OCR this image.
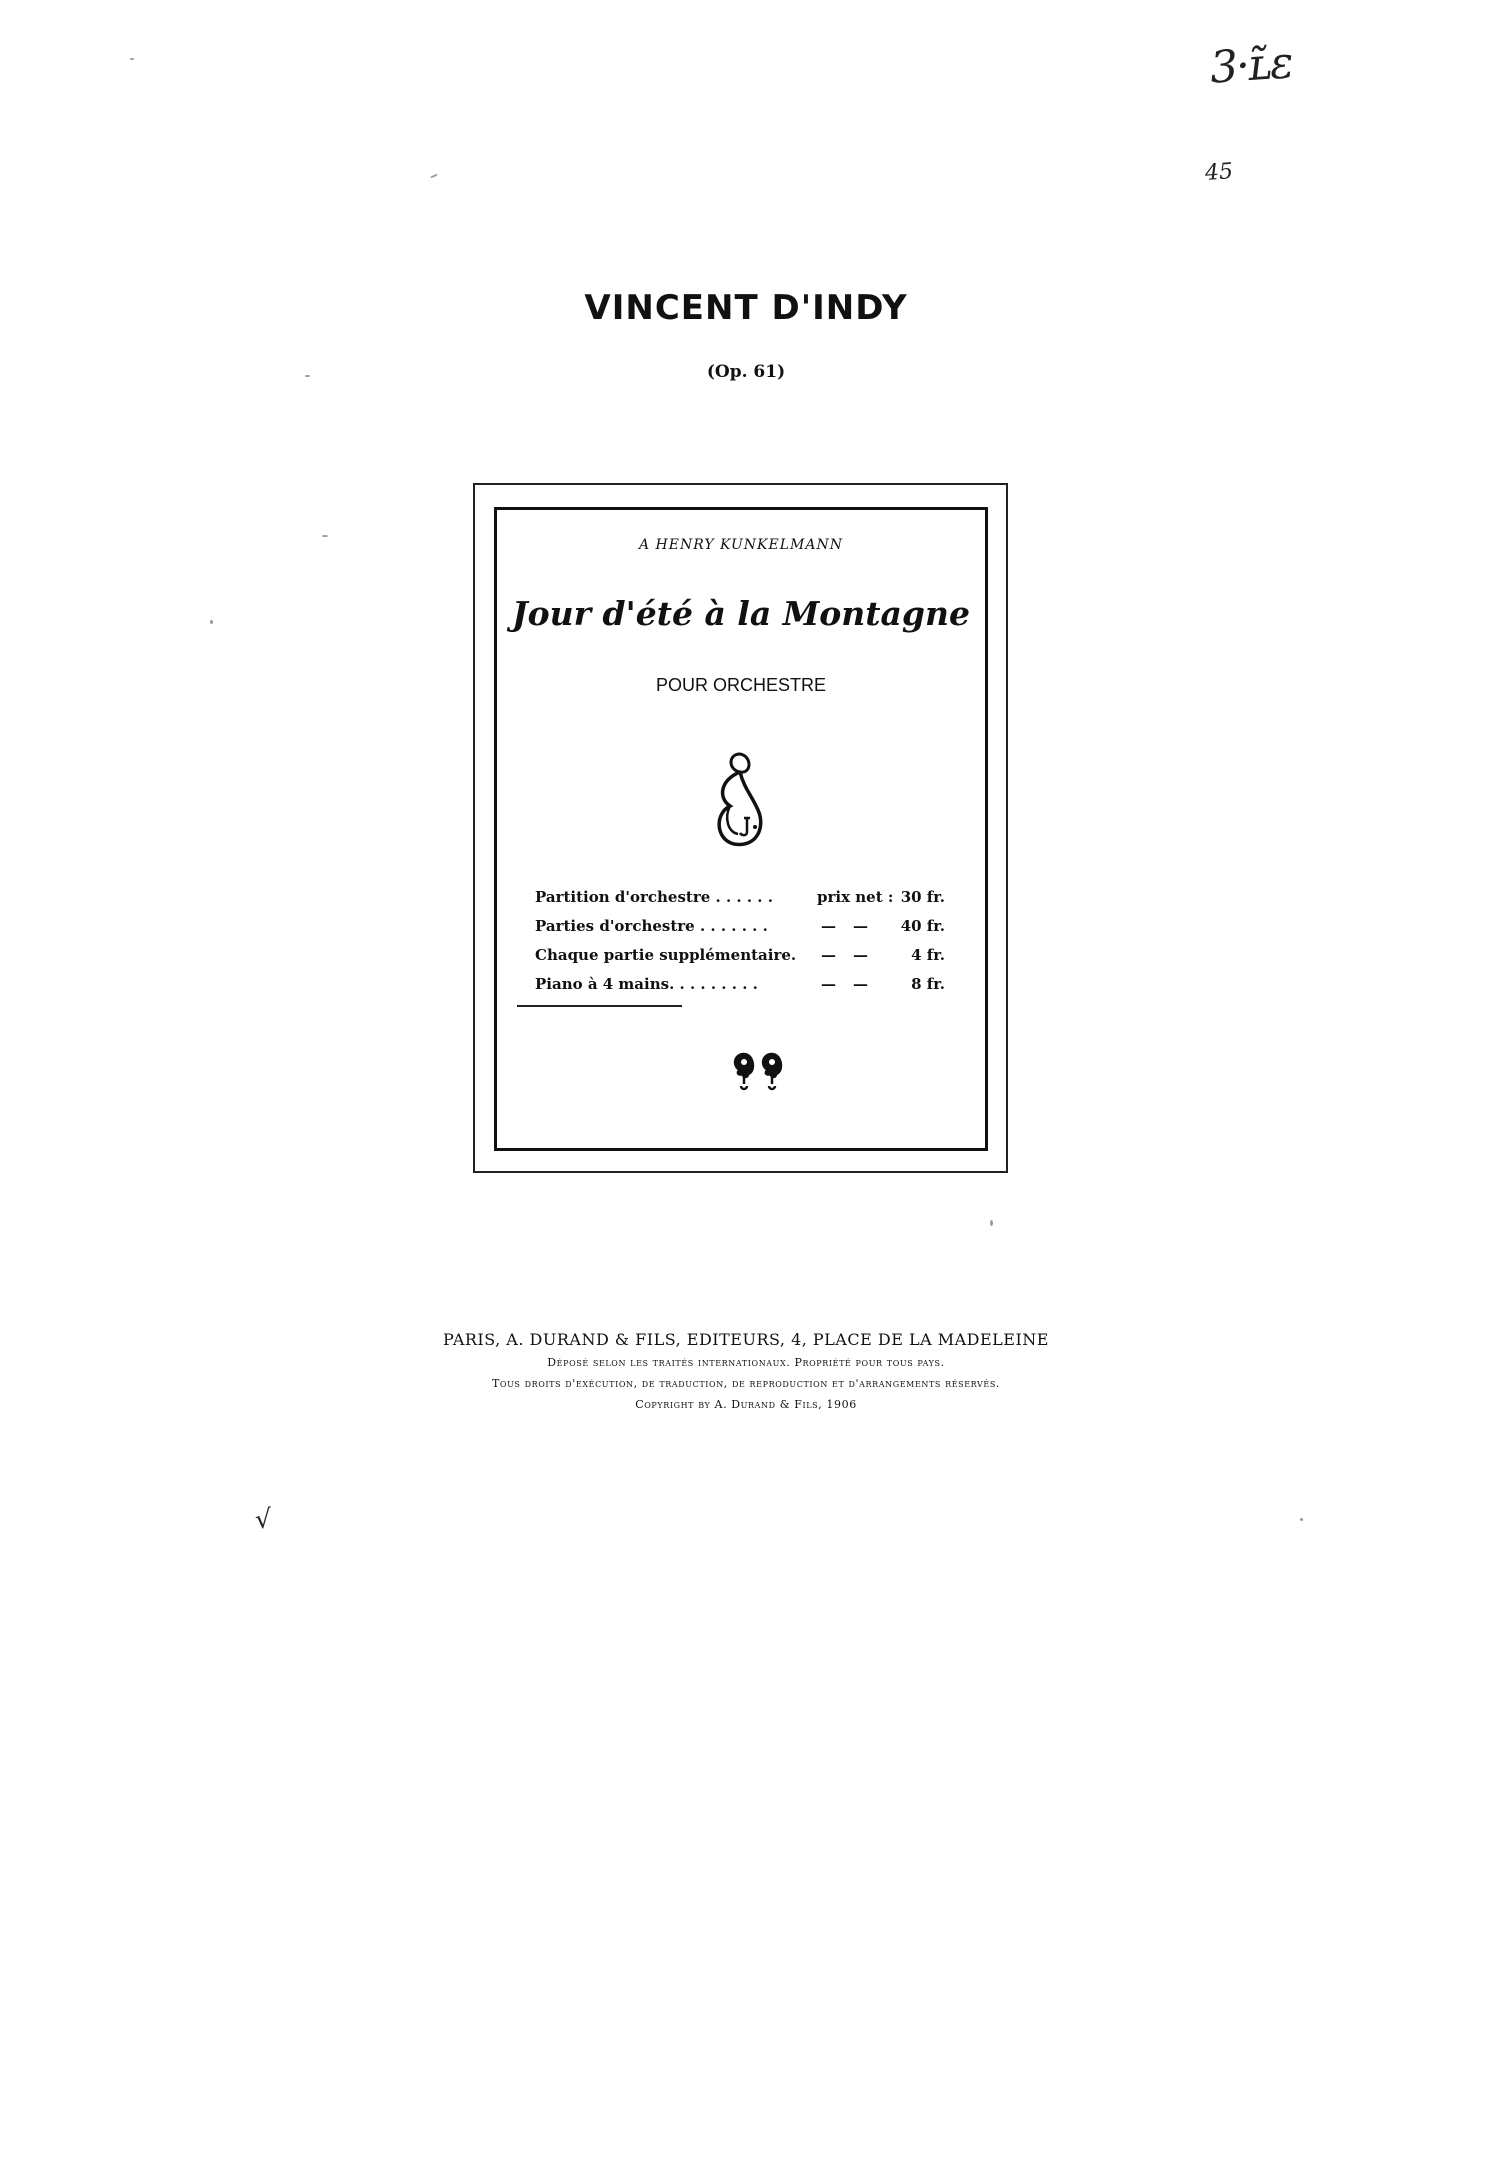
3·ʟ̃ɛ
45
√
VINCENT D'INDY
(Op. 61)
A HENRY KUNKELMANN
Jour d'été à la Montagne
POUR ORCHESTRE
Partition d'orchestre . . . . . .	prix net : 30 fr.
Parties d'orchestre . . . . . . .	— — 40 fr.
Chaque partie supplémentaire. — —	4 fr.
Piano à 4 mains. . . . . . . . .	— —	8 fr.
PARIS, A. DURAND & FILS, EDITEURS, 4, PLACE DE LA MADELEINE
Déposé selon les traités internationaux. Propriété pour tous pays.
Tous droits d'exécution, de traduction, de reproduction et d'arrangements réservés.
Copyright by A. Durand & Fils, 1906
